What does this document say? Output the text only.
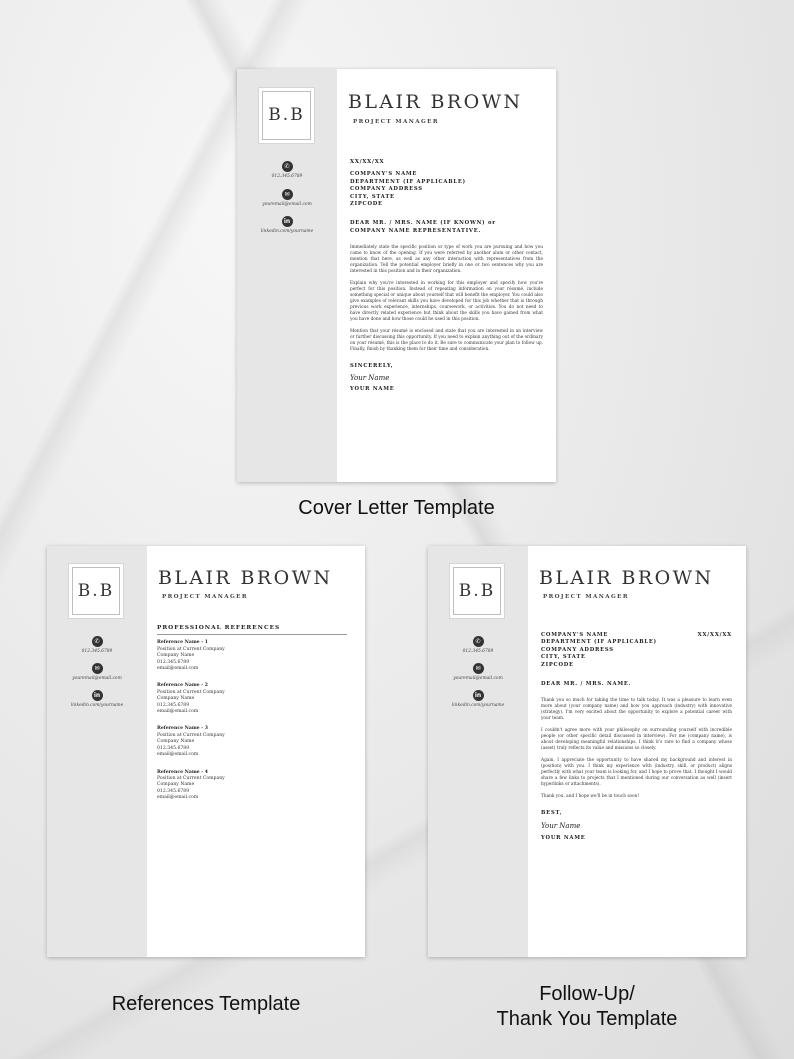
B.B
✆
012.345.6789
✉
youremail@email.com
in
linkedin.com/yourname
BLAIR BROWN
PROJECT MANAGER
XX/XX/XX
COMPANY'S NAME
DEPARTMENT (IF APPLICABLE)
COMPANY ADDRESS
CITY, STATE
ZIPCODE
DEAR MR. / MRS. NAME (IF KNOWN) or
COMPANY NAME REPRESENTATIVE.

Immediately state the specific position or type of work you are pursuing and how you came to know of the opening. If you were referred by another alum or other contact, mention that here, as well as any other interaction with representatives from the organization. Tell the potential employer briefly in one or two sentences why you are interested in this position and in their organization.

Explain why you're interested in working for this employer and specify how you're perfect for this position. Instead of repeating information on your résumé, include something special or unique about yourself that will benefit the employer. You could also give examples of relevant skills you have developed for this job whether that is through previous work experience, internships, coursework, or activities. You do not need to have directly related experience but think about the skills you have gained from what you have done and how those could be used in this position.

Mention that your résumé is enclosed and state that you are interested in an interview or further discussing this opportunity. If you need to explain anything out of the ordinary on your résumé, this is the place to do it. Be sure to communicate your plan to follow up. Finally, finish by thanking them for their time and consideration.

SINCERELY,
Your Name
YOUR NAME
Cover Letter Template
B.B
✆
012.345.6789
✉
youremail@email.com
in
linkedin.com/yourname
BLAIR BROWN
PROJECT MANAGER
PROFESSIONAL REFERENCES
Reference Name - 1
Position at Current Company
Company Name
012.345.6789
email@email.com
Reference Name - 2
Position at Current Company
Company Name
012.345.6789
email@email.com
Reference Name - 3
Position at Current Company
Company Name
012.345.6789
email@email.com
Reference Name - 4
Position at Current Company
Company Name
012.345.6789
email@email.com
References Template
B.B
✆
012.345.6789
✉
youremail@email.com
in
linkedin.com/yourname
BLAIR BROWN
PROJECT MANAGER
XX/XX/XX
COMPANY'S NAME
DEPARTMENT (IF APPLICABLE)
COMPANY ADDRESS
CITY, STATE
ZIPCODE
DEAR MR. / MRS. NAME.

Thank you so much for taking the time to talk today. It was a pleasure to learn even more about (your company name) and how you approach (industry) with innovative (strategy). I'm very excited about the opportunity to explore a potential career with your team.

I couldn't agree more with your philosophy on surrounding yourself with incredible people (or other specific detail discussed in interview). For me (company name), is about developing meaningful relationships. I think it's rare to find a company whose (asset) truly reflects its value and missions so closely.

Again, I appreciate the opportunity to have shared my background and interest in (position) with you. I think my experience with (industry, skill, or product) aligns perfectly with what your team is looking for, and I hope to prove that. I thought I would share a few links to projects that I mentioned during our conversation as well (insert hyperlinks or attachments).

Thank you, and I hope we'll be in touch soon!

BEST,
Your Name
YOUR NAME
Follow-Up/
Thank You Template
